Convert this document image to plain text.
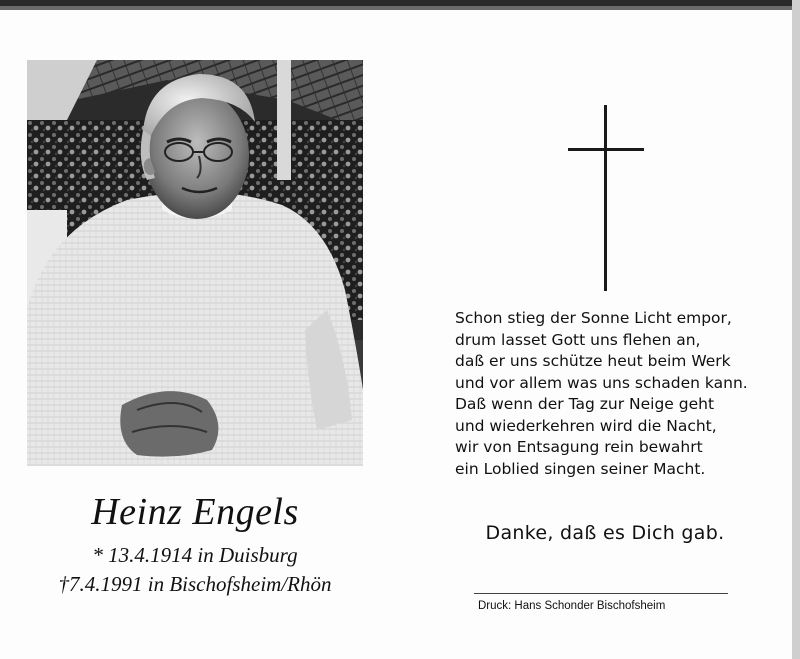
Heinz Engels
* 13.4.1914 in Duisburg
†7.4.1991 in Bischofsheim/Rhön
Schon stieg der Sonne Licht empor,
drum lasset Gott uns flehen an,
daß er uns schütze heut beim Werk
und vor allem was uns schaden kann.
Daß wenn der Tag zur Neige geht
und wiederkehren wird die Nacht,
wir von Entsagung rein bewahrt
ein Loblied singen seiner Macht.
Danke, daß es Dich gab.
Druck: Hans Schonder Bischofsheim
